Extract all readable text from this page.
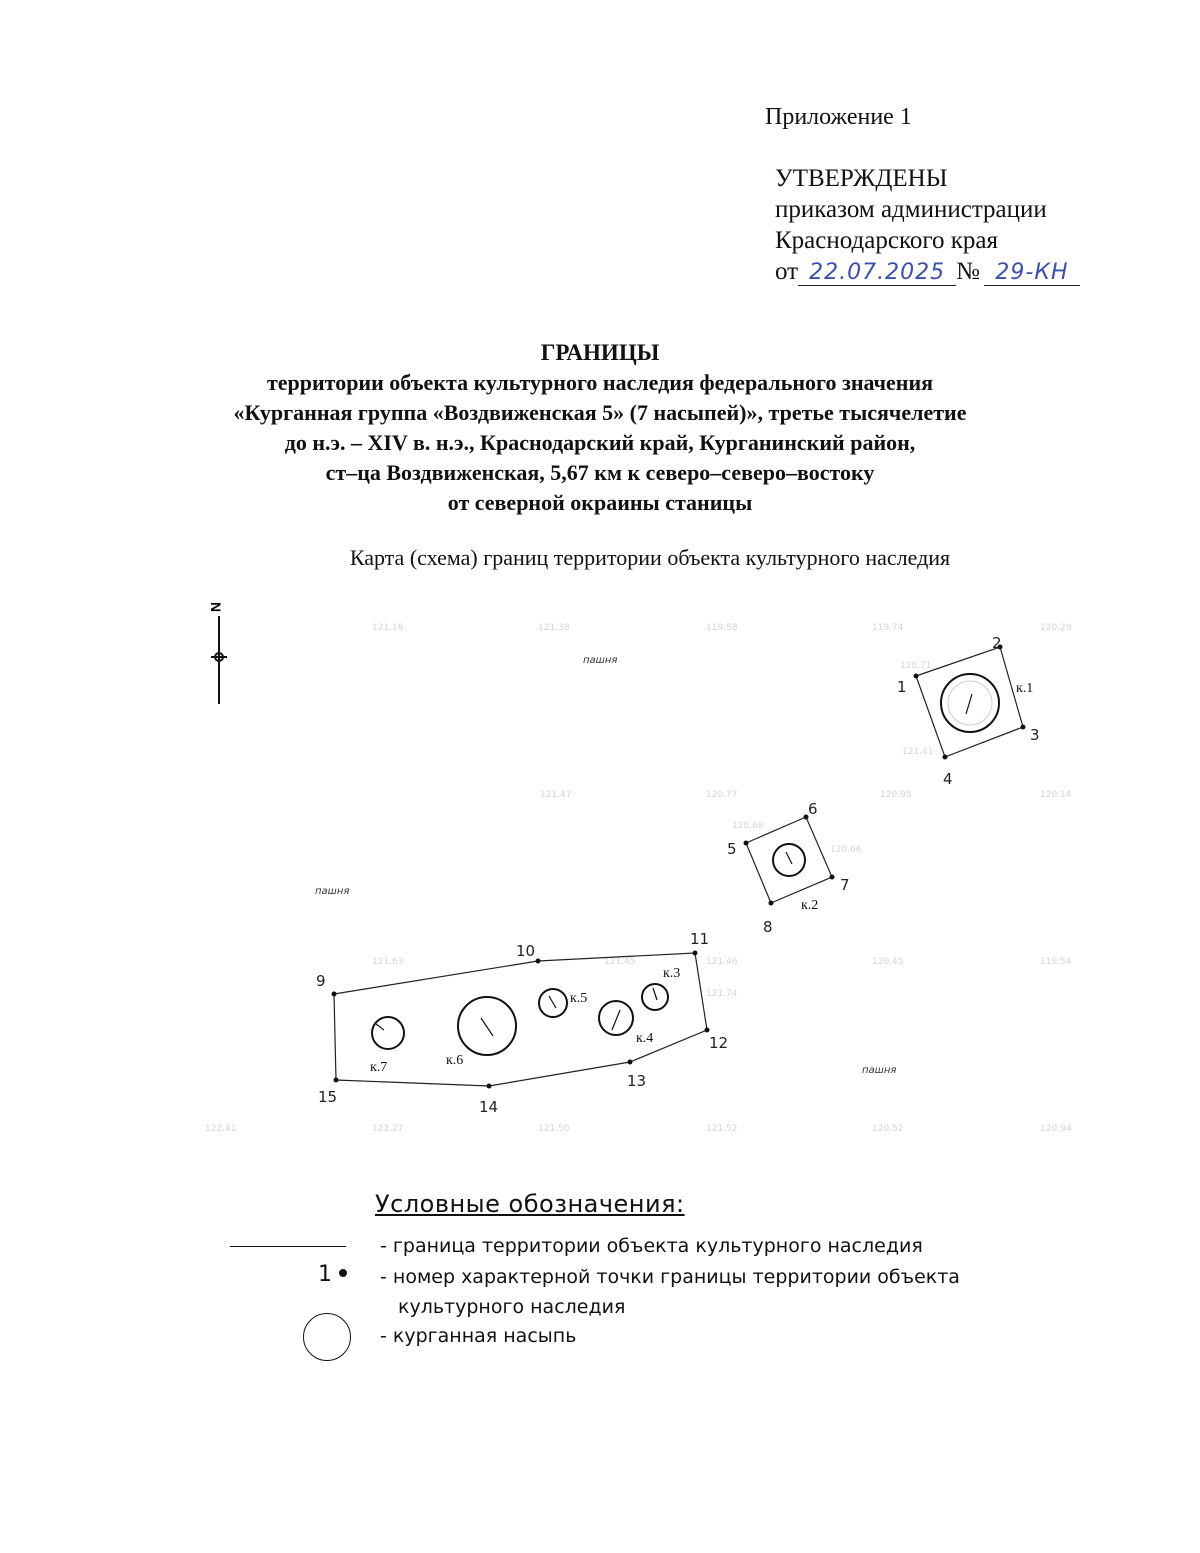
Приложение 1
УТВЕРЖДЕНЫ
приказом администрации
Краснодарского края
от 22.07.2025 № 29-КН
ГРАНИЦЫ
территории объекта культурного наследия федерального значения
«Курганная группа «Воздвиженская 5» (7 насыпей)», третье тысячелетие
до н.э. – XIV в. н.э., Краснодарский край, Курганинский район,
ст–ца Воздвиженская, 5,67 км к северо–северо–востоку
от северной окраины станицы
Карта (схема) границ территории объекта культурного наследия
N
121.16	121.38	119.58	119.74	120.29
121.47	120.77	120.95	120.14
121.63	121.45	121.46	120.45	119.54
122.41	122.27	121.50	121.52	120.52	120.94
120.71
121.41
120.68
120.66
121.74
пашня
пашня
пашня
1
2
3
4
5
6
7
8
9
10
11
12
13
14
15
к.1
к.2
к.3
к.4
к.5
к.6
к.7
Условные обозначения:
- граница территории объекта культурного наследия
1	- номер характерной точки границы территории объекта
культурного наследия
- курганная насыпь
